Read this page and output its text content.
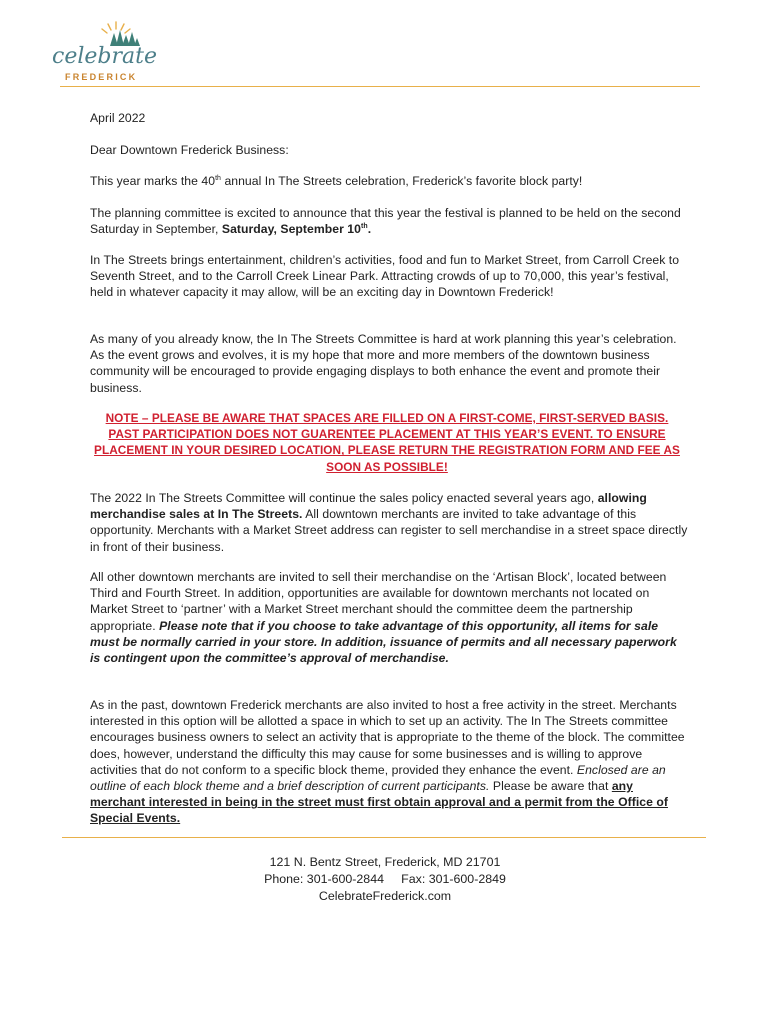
celebrate
FREDERICK

April 2022

Dear Downtown Frederick Business:

This year marks the 40th annual In The Streets celebration, Frederick’s favorite block party!

The planning committee is excited to announce that this year the festival is planned to be held on the second Saturday in September, Saturday, September 10th.

In The Streets brings entertainment, children’s activities, food and fun to Market Street, from Carroll Creek to Seventh Street, and to the Carroll Creek Linear Park. Attracting crowds of up to 70,000, this year’s festival, held in whatever capacity it may allow, will be an exciting day in Downtown Frederick!

As many of you already know, the In The Streets Committee is hard at work planning this year’s celebration. As the event grows and evolves, it is my hope that more and more members of the downtown business community will be encouraged to provide engaging displays to both enhance the event and promote their business.

NOTE – PLEASE BE AWARE THAT SPACES ARE FILLED ON A FIRST-COME, FIRST-SERVED BASIS. PAST PARTICIPATION DOES NOT GUARENTEE PLACEMENT AT THIS YEAR’S EVENT. TO ENSURE PLACEMENT IN YOUR DESIRED LOCATION, PLEASE RETURN THE REGISTRATION FORM AND FEE AS SOON AS POSSIBLE!

The 2022 In The Streets Committee will continue the sales policy enacted several years ago, allowing merchandise sales at In The Streets. All downtown merchants are invited to take advantage of this opportunity. Merchants with a Market Street address can register to sell merchandise in a street space directly in front of their business.

All other downtown merchants are invited to sell their merchandise on the ‘Artisan Block’, located between Third and Fourth Street. In addition, opportunities are available for downtown merchants not located on Market Street to ‘partner’ with a Market Street merchant should the committee deem the partnership appropriate. Please note that if you choose to take advantage of this opportunity, all items for sale must be normally carried in your store. In addition, issuance of permits and all necessary paperwork is contingent upon the committee’s approval of merchandise.

As in the past, downtown Frederick merchants are also invited to host a free activity in the street. Merchants interested in this option will be allotted a space in which to set up an activity. The In The Streets committee encourages business owners to select an activity that is appropriate to the theme of the block. The committee does, however, understand the difficulty this may cause for some businesses and is willing to approve activities that do not conform to a specific block theme, provided they enhance the event. Enclosed are an outline of each block theme and a brief description of current participants. Please be aware that any merchant interested in being in the street must first obtain approval and a permit from the Office of Special Events.

121 N. Bentz Street, Frederick, MD 21701
Phone: 301-600-2844     Fax: 301-600-2849
CelebrateFrederick.com
